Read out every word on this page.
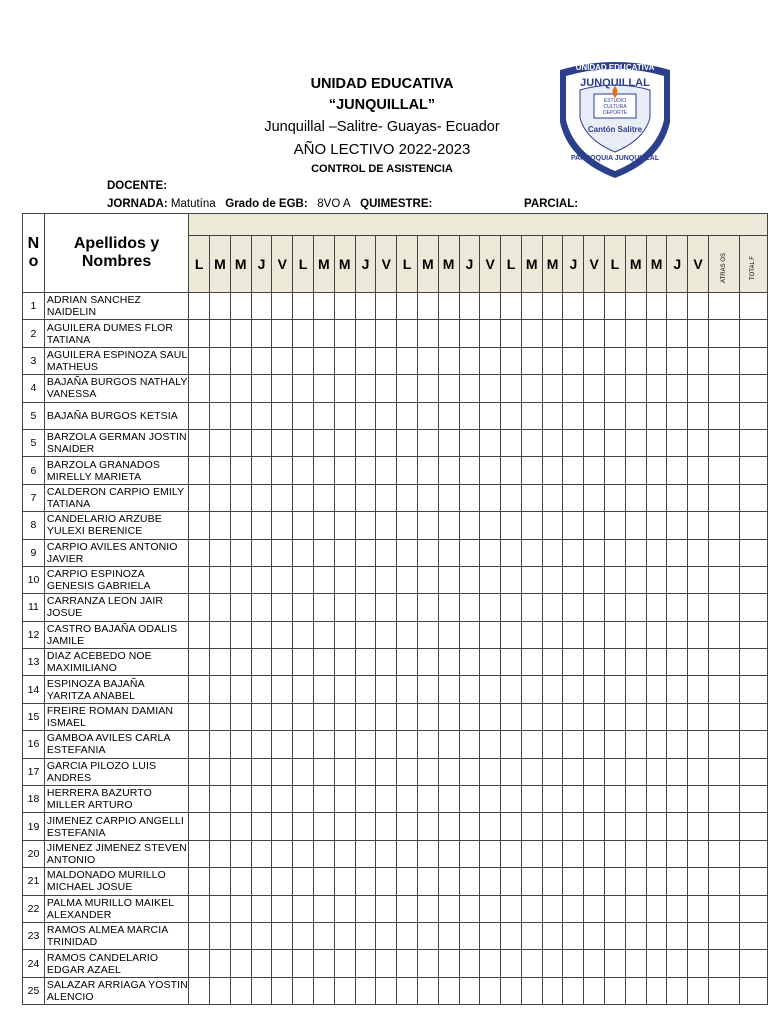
UNIDAD EDUCATIVA
“JUNQUILLAL”
Junquillal –Salitre- Guayas- Ecuador
AÑO LECTIVO 2022-2023
CONTROL DE ASISTENCIA
UNIDAD EDUCATIVA
JUNQUILLAL
ESTUDIO
CULTURA
DEPORTE
Cantón Salitre
PARROQUIA JUNQUILLAL
DOCENTE:
JORNADA: Matutína Grado de EGB: 8VO A QUIMESTRE:	PARCIAL:
N o	Apellidos y Nombres																											
		L	M	M	J	V	L	M	M	J	V	L	M	M	J	V	L	M	M	J	V	L	M	M	J	V	ATRAS OS	TOTAL F
1	ADRIAN SANCHEZ NAIDELIN																											
2	AGUILERA DUMES FLOR TATIANA																											
3	AGUILERA ESPINOZA SAUL MATHEUS																											
4	BAJAÑA BURGOS NATHALY VANESSA																											
5	BAJAÑA BURGOS KETSIA																											
5	BARZOLA GERMAN JOSTIN SNAIDER																											
6	BARZOLA GRANADOS MIRELLY MARIETA																											
7	CALDERON CARPIO EMILY TATIANA																											
8	CANDELARIO ARZUBE YULEXI BERENICE																											
9	CARPIO AVILES ANTONIO JAVIER																											
10	CARPIO ESPINOZA GENESIS GABRIELA																											
11	CARRANZA LEON JAIR JOSUE																											
12	CASTRO BAJAÑA ODALIS JAMILE																											
13	DIAZ ACEBEDO NOE MAXIMILIANO																											
14	ESPINOZA BAJAÑA YARITZA ANABEL																											
15	FREIRE ROMAN DAMIAN ISMAEL																											
16	GAMBOA AVILES CARLA ESTEFANIA																											
17	GARCIA PILOZO LUIS ANDRES																											
18	HERRERA BAZURTO MILLER ARTURO																											
19	JIMENEZ CARPIO ANGELLI ESTEFANIA																											
20	JIMENEZ JIMENEZ STEVEN ANTONIO																											
21	MALDONADO MURILLO MICHAEL JOSUE																											
22	PALMA MURILLO MAIKEL ALEXANDER																											
23	RAMOS ALMEA MARCIA TRINIDAD																											
24	RAMOS CANDELARIO EDGAR AZAEL																											
25	SALAZAR ARRIAGA YOSTIN ALENCIO																											
